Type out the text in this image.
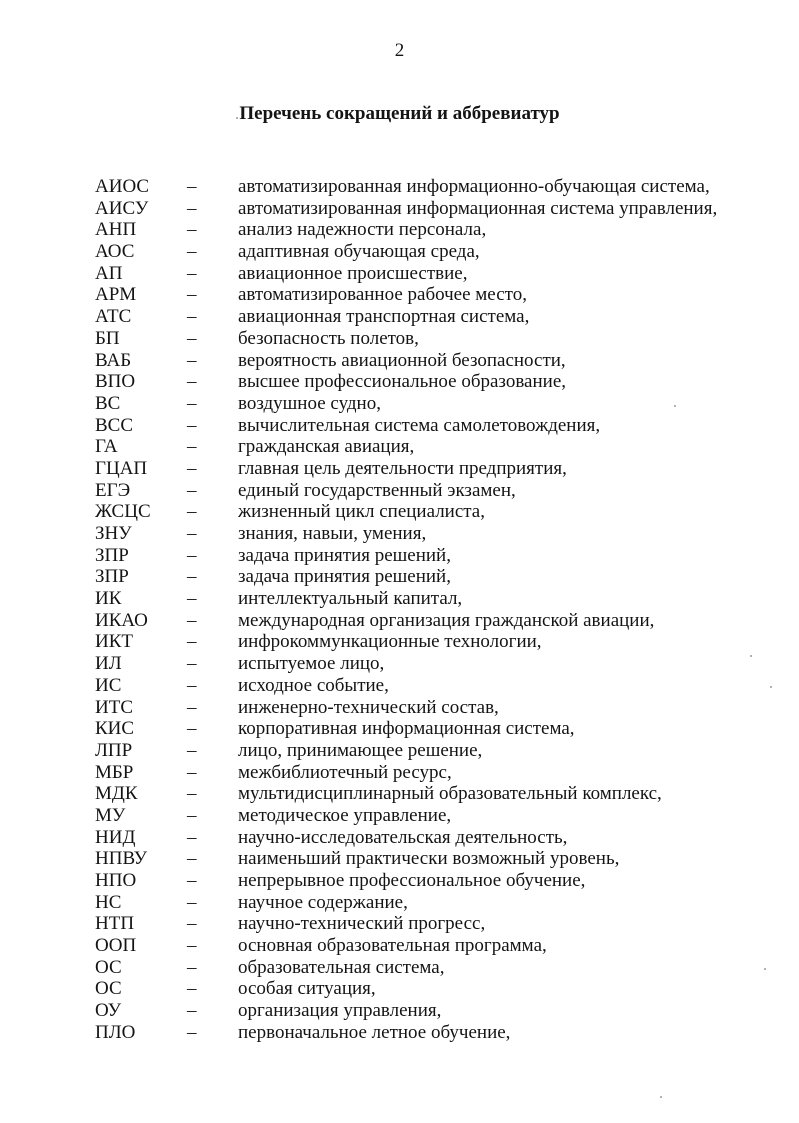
2
Перечень сокращений и аббревиатур
АИОС – автоматизированная информационно-обучающая система,
АИСУ – автоматизированная информационная система управления,
АНП	– анализ надежности персонала,
АОС	– адаптивная обучающая среда,
АП	– авиационное происшествие,
АРМ	– автоматизированное рабочее место,
АТС	– авиационная транспортная система,
БП	– безопасность полетов,
ВАБ	– вероятность авиационной безопасности,
ВПО	– высшее профессиональное образование,
ВС	– воздушное судно,
ВСС	– вычислительная система самолетовождения,
ГА	– гражданская авиация,
ГЦАП – главная цель деятельности предприятия,
ЕГЭ	– единый государственный экзамен,
ЖСЦС – жизненный цикл специалиста,
ЗНУ	– знания, навыи, умения,
ЗПР	– задача принятия решений,
ЗПР	– задача принятия решений,
ИК	– интеллектуальный капитал,
ИКАО – международная организация гражданской авиации,
ИКТ	– инфрокоммункационные технологии,
ИЛ	– испытуемое лицо,
ИС	– исходное событие,
ИТС	– инженерно-технический состав,
КИС	– корпоративная информационная система,
ЛПР	– лицо, принимающее решение,
МБР	– межбиблиотечный ресурс,
МДК	– мультидисциплинарный образовательный комплекс,
МУ	– методическое управление,
НИД	– научно-исследовательская деятельность,
НПВУ – наименьший практически возможный уровень,
НПО	– непрерывное профессиональное обучение,
НС	– научное содержание,
НТП	– научно-технический прогресс,
ООП	– основная образовательная программа,
ОС	– образовательная система,
ОС	– особая ситуация,
ОУ	– организация управления,
ПЛО	– первоначальное летное обучение,
